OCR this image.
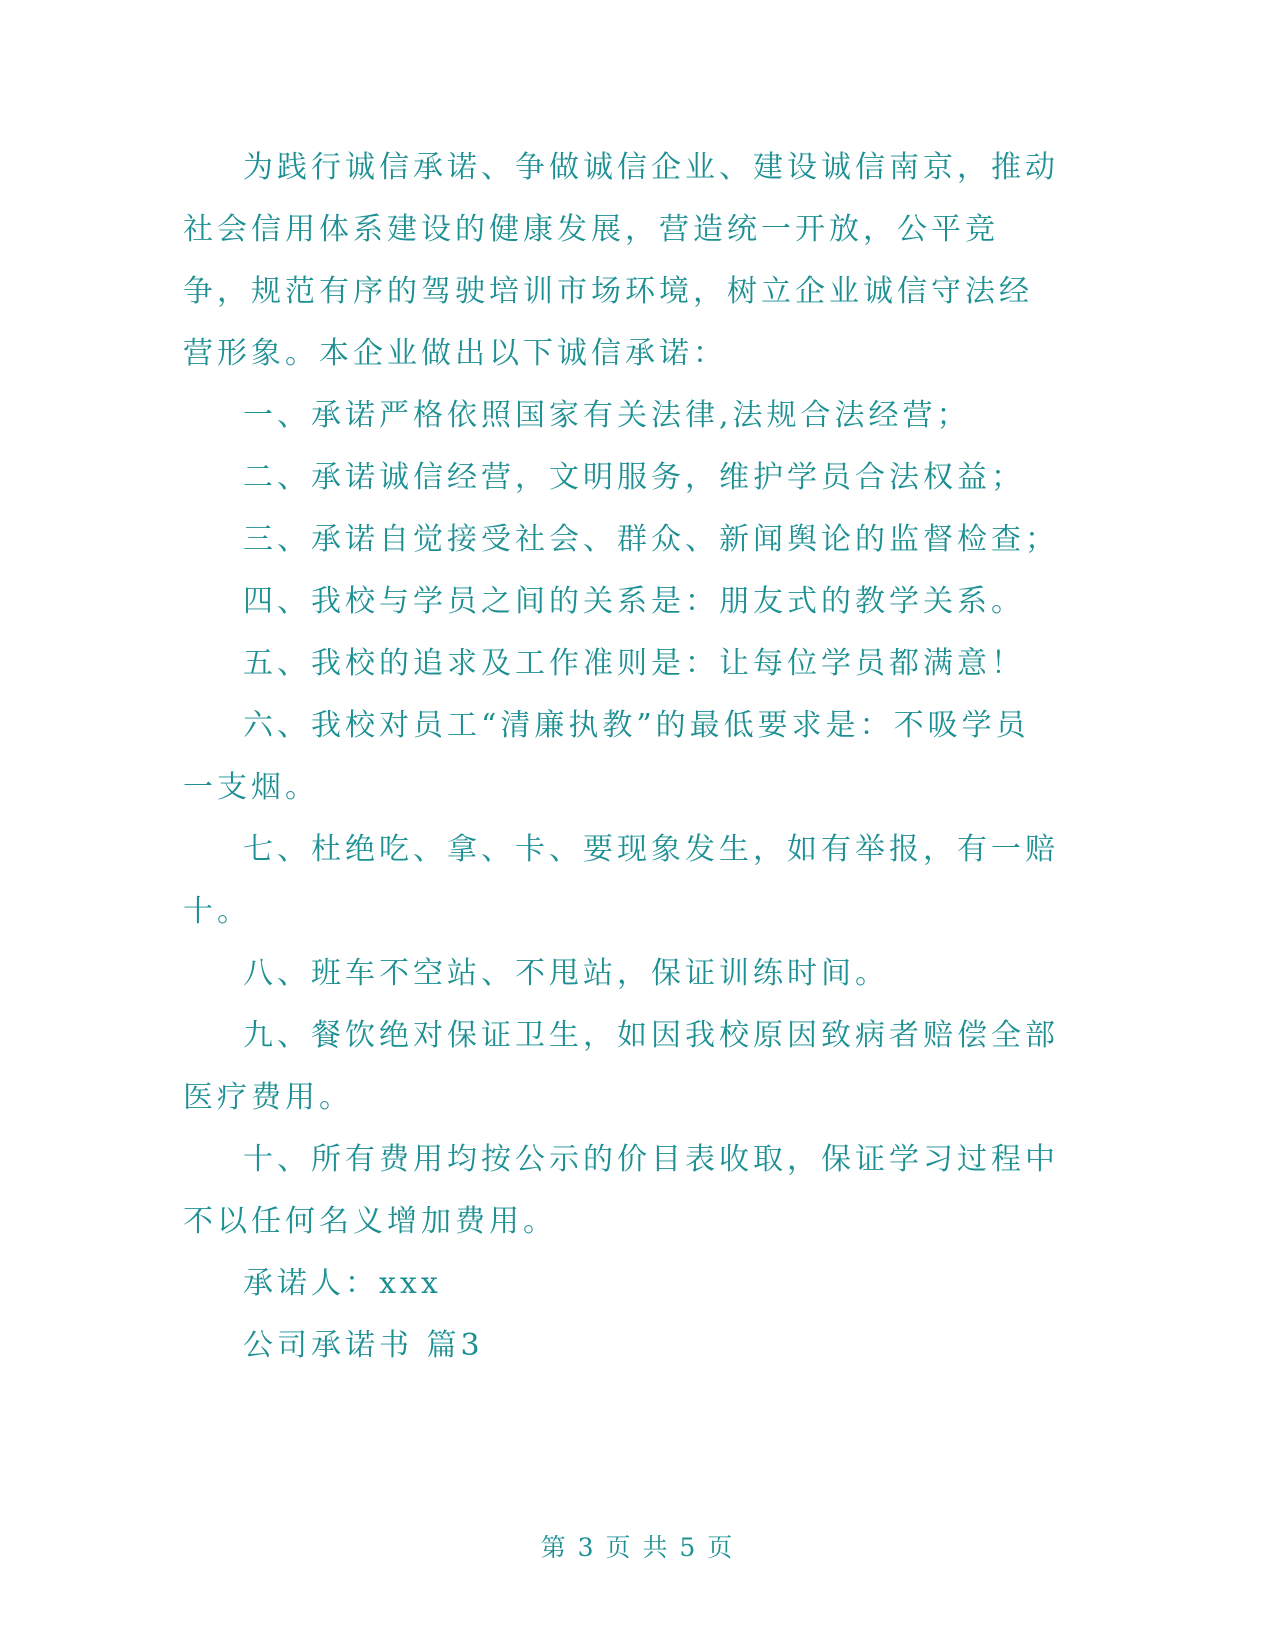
为践行诚信承诺、争做诚信企业、建设诚信南京，推动社会信用体系建设的健康发展，营造统一开放，公平竞争，规范有序的驾驶培训市场环境，树立企业诚信守法经营形象。本企业做出以下诚信承诺：

一、承诺严格依照国家有关法律,法规合法经营；

二、承诺诚信经营，文明服务，维护学员合法权益；

三、承诺自觉接受社会、群众、新闻舆论的监督检查；

四、我校与学员之间的关系是：朋友式的教学关系。

五、我校的追求及工作准则是：让每位学员都满意！

六、我校对员工“清廉执教”的最低要求是：不吸学员一支烟。

七、杜绝吃、拿、卡、要现象发生，如有举报，有一赔十。

八、班车不空站、不甩站，保证训练时间。

九、餐饮绝对保证卫生，如因我校原因致病者赔偿全部医疗费用。

十、所有费用均按公示的价目表收取，保证学习过程中不以任何名义增加费用。

承诺人：xxx

公司承诺书 篇3

第 3 页 共 5 页
